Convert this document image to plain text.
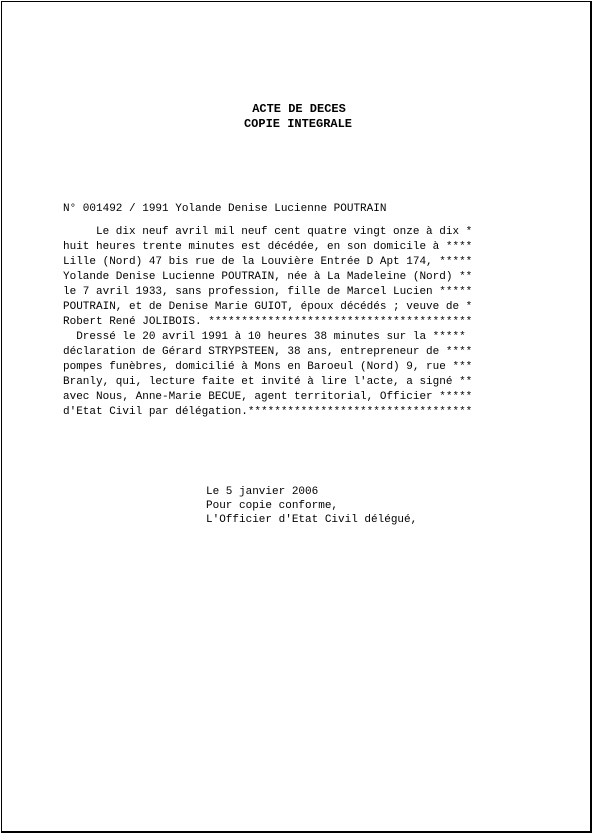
ACTE DE DECES
COPIE INTEGRALE
N° 001492 / 1991 Yolande Denise Lucienne POUTRAIN
Le dix neuf avril mil neuf cent quatre vingt onze à dix *
huit heures trente minutes est décédée, en son domicile à ****
Lille (Nord) 47 bis rue de la Louvière Entrée D Apt 174, *****
Yolande Denise Lucienne POUTRAIN, née à La Madeleine (Nord) **
le 7 avril 1933, sans profession, fille de Marcel Lucien *****
POUTRAIN, et de Denise Marie GUIOT, époux décédés ; veuve de *
Robert René JOLIBOIS. ****************************************
Dressé le 20 avril 1991 à 10 heures 38 minutes sur la *****
déclaration de Gérard STRYPSTEEN, 38 ans, entrepreneur de ****
pompes funèbres, domicilié à Mons en Baroeul (Nord) 9, rue ***
Branly, qui, lecture faite et invité à lire l'acte, a signé **
avec Nous, Anne-Marie BECUE, agent territorial, Officier *****
d'Etat Civil par délégation.**********************************
Le 5 janvier 2006
Pour copie conforme,
L'Officier d'Etat Civil délégué,
